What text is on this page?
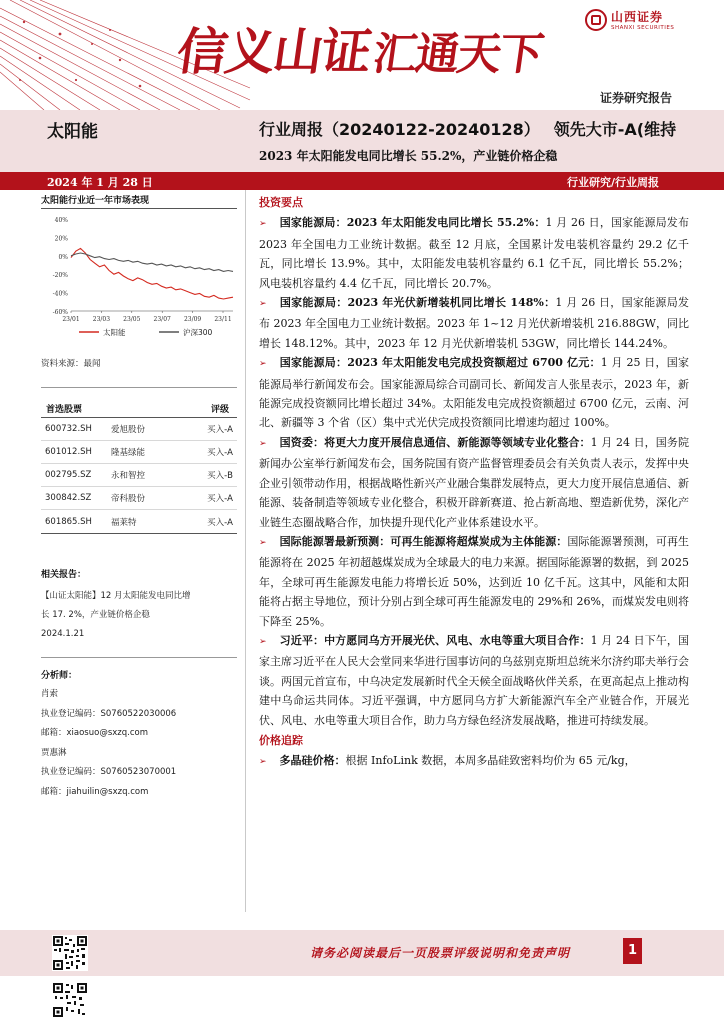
信义山证汇通天下
山西证券
SHANXI SECURITIES
证券研究报告
太阳能	行业周报（20240122-20240128） 领先大市-A(维持
2023 年太阳能发电同比增长 55.2%，产业链价格企稳
2024 年 1 月 28 日	行业研究/行业周报
太阳能行业近一年市场表现
40%
20%
0%
-20%
-40%
-60%
23/01 23/03 23/05 23/07 23/09 23/11
太阳能	沪深300
资料来源：最闻
首选股票	评级
600732.SH	爱旭股份	买入-A
601012.SH	隆基绿能	买入-A
002795.SZ	永和智控	买入-B
300842.SZ	帝科股份	买入-A
601865.SH	福莱特	买入-A
相关报告：
【山证太阳能】12 月太阳能发电同比增
长 17. 2%，产业链价格企稳
2024.1.21
分析师：
肖索
执业登记编码：S0760522030006
邮箱：xiaosuo@sxzq.com
贾惠淋
执业登记编码：S0760523070001
邮箱：jiahuilin@sxzq.com
投资要点

➢ 国家能源局：2023 年太阳能发电同比增长 55.2%：1 月 26 日，国家能源局发布 2023 年全国电力工业统计数据。截至 12 月底，全国累计发电装机容量约 29.2 亿千瓦，同比增长 13.9%。其中，太阳能发电装机容量约 6.1 亿千瓦，同比增长 55.2%；风电装机容量约 4.4 亿千瓦，同比增长 20.7%。

➢ 国家能源局：2023 年光伏新增装机同比增长 148%：1 月 26 日，国家能源局发布 2023 年全国电力工业统计数据。2023 年 1~12 月光伏新增装机 216.88GW，同比增长 148.12%。其中，2023 年 12 月光伏新增装机 53GW，同比增长 144.24%。

➢ 国家能源局：2023 年太阳能发电完成投资额超过 6700 亿元：1 月 25 日，国家能源局举行新闻发布会。国家能源局综合司副司长、新闻发言人张星表示，2023 年，新能源完成投资额同比增长超过 34%。太阳能发电完成投资额超过 6700 亿元，云南、河北、新疆等 3 个省（区）集中式光伏完成投资额同比增速均超过 100%。

➢ 国资委：将更大力度开展信息通信、新能源等领域专业化整合：1 月 24 日，国务院新闻办公室举行新闻发布会，国务院国有资产监督管理委员会有关负责人表示，发挥中央企业引领带动作用，根据战略性新兴产业融合集群发展特点，更大力度开展信息通信、新能源、装备制造等领域专业化整合，积极开辟新赛道、抢占新高地、塑造新优势，深化产业链生态圈战略合作，加快提升现代化产业体系建设水平。

➢ 国际能源署最新预测：可再生能源将超煤炭成为主体能源：国际能源署预测，可再生能源将在 2025 年初超越煤炭成为全球最大的电力来源。据国际能源署的数据，到 2025 年，全球可再生能源发电能力将增长近 50%，达到近 10 亿千瓦。这其中，风能和太阳能将占据主导地位，预计分别占到全球可再生能源发电的 29%和 26%，而煤炭发电则将下降至 25%。

➢ 习近平：中方愿同乌方开展光伏、风电、水电等重大项目合作：1 月 24 日下午，国家主席习近平在人民大会堂同来华进行国事访问的乌兹别克斯坦总统米尔济约耶夫举行会谈。两国元首宣布，中乌决定发展新时代全天候全面战略伙伴关系，在更高起点上推动构建中乌命运共同体。习近平强调，中方愿同乌方扩大新能源汽车全产业链合作，开展光伏、风电、水电等重大项目合作，助力乌方绿色经济发展战略，推进可持续发展。

价格追踪

➢ 多晶硅价格：根据 InfoLink 数据，本周多晶硅致密料均价为 65 元/kg，

请务必阅读最后一页股票评级说明和免责声明	1
